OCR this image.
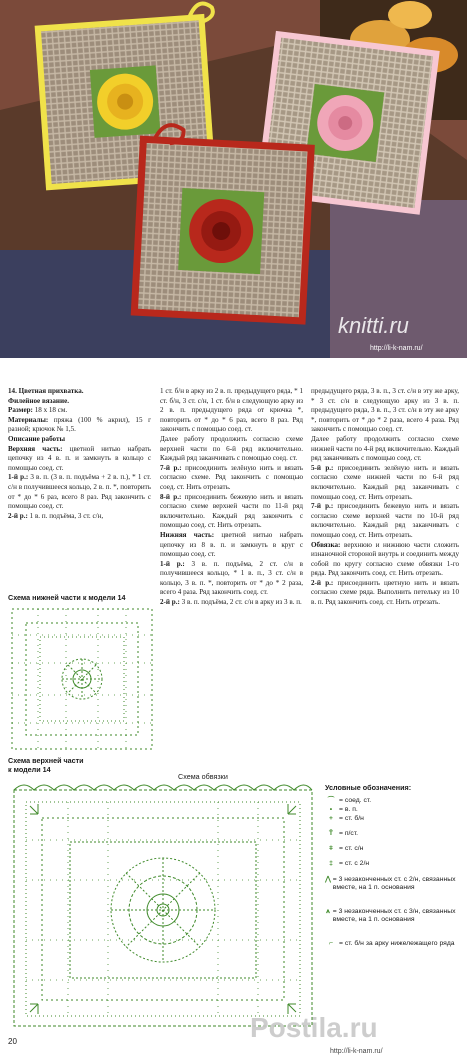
knitti.ru
http://li-k-nam.ru/

14. Цветная прихватка.

Филейное вязание.

Размер: 18 х 18 см.

Материалы: пряжа (100 % акрил), 15 г разной; крючок № 1,5.

Описание работы

Верхняя часть: цветной нитью набрать цепочку из 4 в. п. и замкнуть в кольцо с помощью соед. ст.

1-й р.: 3 в. п. (3 в. п. подъёма + 2 в. п.), * 1 ст. с/н в получившееся кольцо, 2 в. п. *, повторить от * до * 6 раз, всего 8 раз. Ряд закончить с помощью соед. ст.

2-й р.: 1 в. п. подъёма, 3 ст. с/н,

1 ст. б/н в арку из 2 в. п. предыдущего ряда, * 1 ст. б/н, 3 ст. с/н, 1 ст. б/н в следующую арку из 2 в. п. предыдущего ряда от крючка *, повторить от * до * 6 раз, всего 8 раз. Ряд закончить с помощью соед. ст.

Далее работу продолжить согласно схеме верхней части по 6-й ряд включительно. Каждый ряд заканчивать с помощью соед. ст.

7-й р.: присоединить зелёную нить и вязать согласно схеме. Ряд закончить с помощью соед. ст. Нить отрезать.

8-й р.: присоединить бежевую нить и вязать согласно схеме верхней части по 11-й ряд включительно. Каждый ряд закончить с помощью соед. ст. Нить отрезать.

Нижняя часть: цветной нитью набрать цепочку из 8 в. п. и замкнуть в круг с помощью соед. ст.

1-й р.: 3 в. п. подъёма, 2 ст. с/н в получившееся кольцо, * 1 в. п., 3 ст. с/н в кольцо, 3 в. п. *, повторить от * до * 2 раза, всего 4 раза. Ряд закончить соед. ст.

2-й р.: 3 в. п. подъёма, 2 ст. с/н в арку из 3 в. п.

предыдущего ряда, 3 в. п., 3 ст. с/н в эту же арку, * 3 ст. с/н в следующую арку из 3 в. п. предыдущего ряда, 3 в. п., 3 ст. с/н в эту же арку *, повторить от * до * 2 раза, всего 4 раза. Ряд закончить с помощью соед. ст.

Далее работу продолжить согласно схеме нижней части по 4-й ряд включительно. Каждый ряд заканчивать с помощью соед. ст.

5-й р.: присоединить зелёную нить и вязать согласно схеме нижней части по 6-й ряд включительно. Каждый ряд заканчивать с помощью соед. ст. Нить отрезать.

7-й р.: присоединить бежевую нить и вязать согласно схеме верхней части по 10-й ряд включительно. Каждый ряд заканчивать с помощью соед. ст. Нить отрезать.

Обвязка: верхнюю и нижнюю части сложить изнаночной стороной внутрь и соединить между собой по кругу согласно схеме обвязки 1-го ряда. Ряд закончить соед. ст. Нить отрезать.

2-й р.: присоединить цветную нить и вязать согласно схеме ряда. Выполнить петельку из 10 в. п. Ряд закончить соед. ст. Нить отрезать.

Схема нижней части к модели 14
Схема верхней части
к модели 14
Схема обвязки
Условные обозначения:
⌒ = соед. ст.
•	= в. п.
+ = ст. б/н
Ť = п/ст.
ǂ = ст. с/н
‡ = ст. с 2/н
⋀ = 3 незаконченных ст. с 2/н, связанных вместе, на 1 п. основания
⩚ = 3 незаконченных ст. с 3/н, связанных вместе, на 1 п. основания
⌐ = ст. б/н за арку нижележащего ряда
20	Postila.ru
http://li-k-nam.ru/
